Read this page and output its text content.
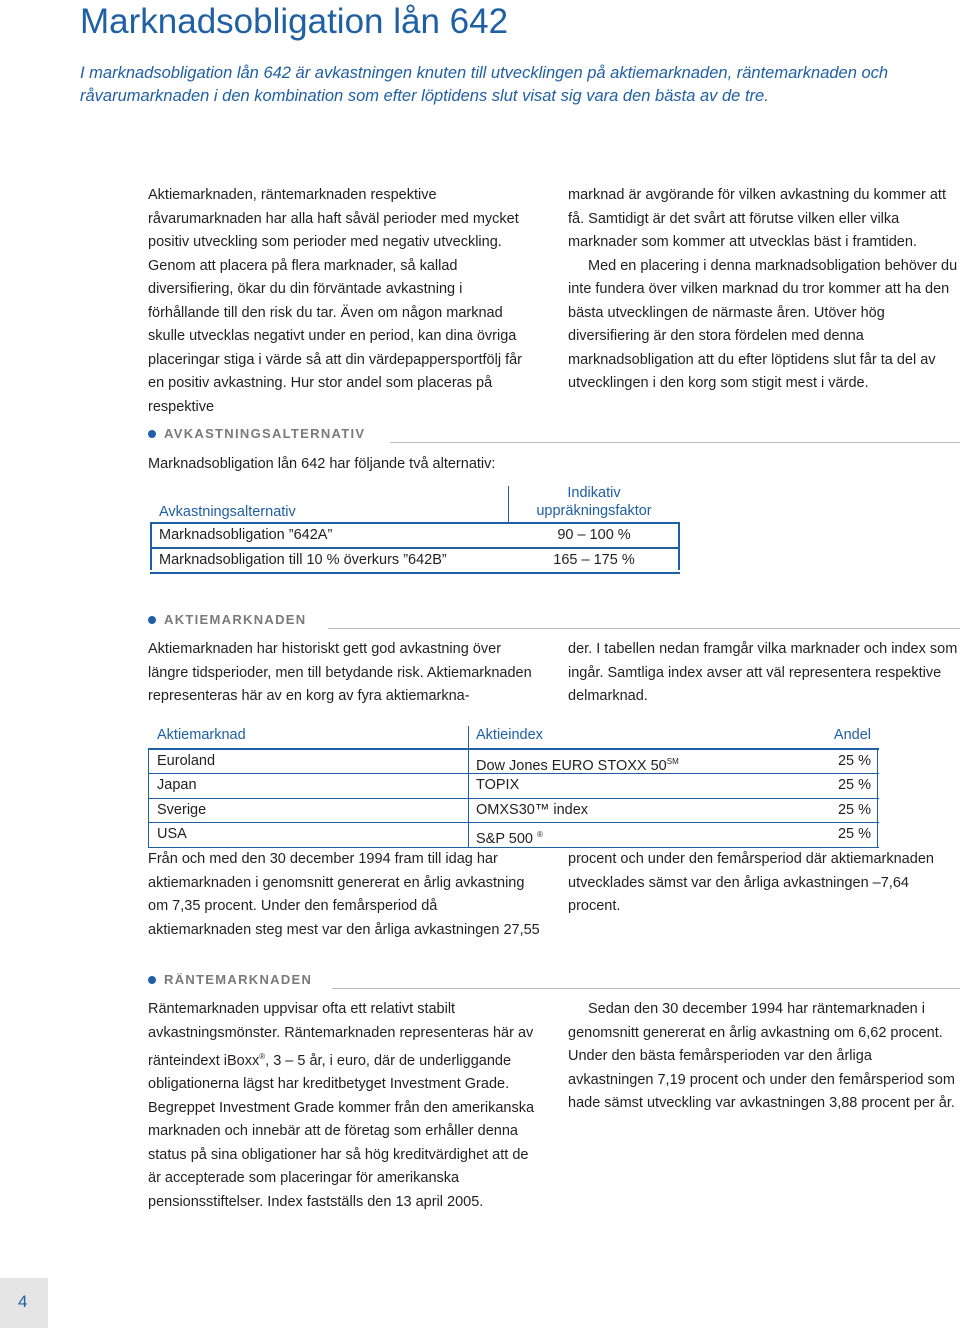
Marknadsobligation lån 642
I marknadsobligation lån 642 är avkastningen knuten till utvecklingen på aktiemarknaden, räntemarknaden och råvarumarknaden i den kombination som efter löptidens slut visat sig vara den bästa av de tre.

Aktiemarknaden, räntemarknaden respektive råvarumarknaden har alla haft såväl perioder med mycket positiv utveckling som perioder med negativ utveckling. Genom att placera på flera marknader, så kallad diversifiering, ökar du din förväntade avkastning i förhållande till den risk du tar. Även om någon marknad skulle utvecklas negativt under en period, kan dina övriga placeringar stiga i värde så att din värdepappersportfölj får en positiv avkastning. Hur stor andel som placeras på respektive

marknad är avgörande för vilken avkastning du kommer att få. Samtidigt är det svårt att förutse vilken eller vilka marknader som kommer att utvecklas bäst i framtiden.

Med en placering i denna marknadsobligation behöver du inte fundera över vilken marknad du tror kommer att ha den bästa utvecklingen de närmaste åren. Utöver hög diversifiering är den stora fördelen med denna marknadsobligation att du efter löptidens slut får ta del av utvecklingen i den korg som stigit mest i värde.

AVKASTNINGSALTERNATIV
Marknadsobligation lån 642 har följande två alternativ:
Avkastningsalternativ
Indikativ
uppräkningsfaktor
Marknadsobligation ”642A”	90 – 100 %
Marknadsobligation till 10 % överkurs ”642B”	165 – 175 %
AKTIEMARKNADEN
Aktiemarknaden har historiskt gett god avkastning över längre tidsperioder, men till betydande risk. Aktiemarknaden representeras här av en korg av fyra aktiemarkna-
der. I tabellen nedan framgår vilka marknader och index som ingår. Samtliga index avser att väl representera respektive delmarknad.
Aktiemarknad	Aktieindex	Andel
Euroland	Dow Jones EURO STOXX 50℠	25 %
Japan	TOPIX	25 %
Sverige	OMXS30™ index	25 %
USA	S&P 500 ®	25 %
Från och med den 30 december 1994 fram till idag har aktiemarknaden i genomsnitt genererat en årlig avkastning om 7,35 procent. Under den femårsperiod då aktiemarknaden steg mest var den årliga avkastningen 27,55
procent och under den femårsperiod där aktiemarknaden utvecklades sämst var den årliga avkastningen –7,64 procent.
RÄNTEMARKNADEN
Räntemarknaden uppvisar ofta ett relativt stabilt avkastningsmönster. Räntemarknaden representeras här av ränteindext iBoxx®, 3 – 5 år, i euro, där de underliggande obligationerna lägst har kreditbetyget Investment Grade. Begreppet Investment Grade kommer från den amerikanska marknaden och innebär att de företag som erhåller denna status på sina obligationer har så hög kreditvärdighet att de är accepterade som placeringar för amerikanska pensionsstiftelser. Index fastställs den 13 april 2005.
Sedan den 30 december 1994 har räntemarknaden i genomsnitt genererat en årlig avkastning om 6,62 procent. Under den bästa femårsperioden var den årliga avkastningen 7,19 procent och under den femårsperiod som hade sämst utveckling var avkastningen 3,88 procent per år.
4
